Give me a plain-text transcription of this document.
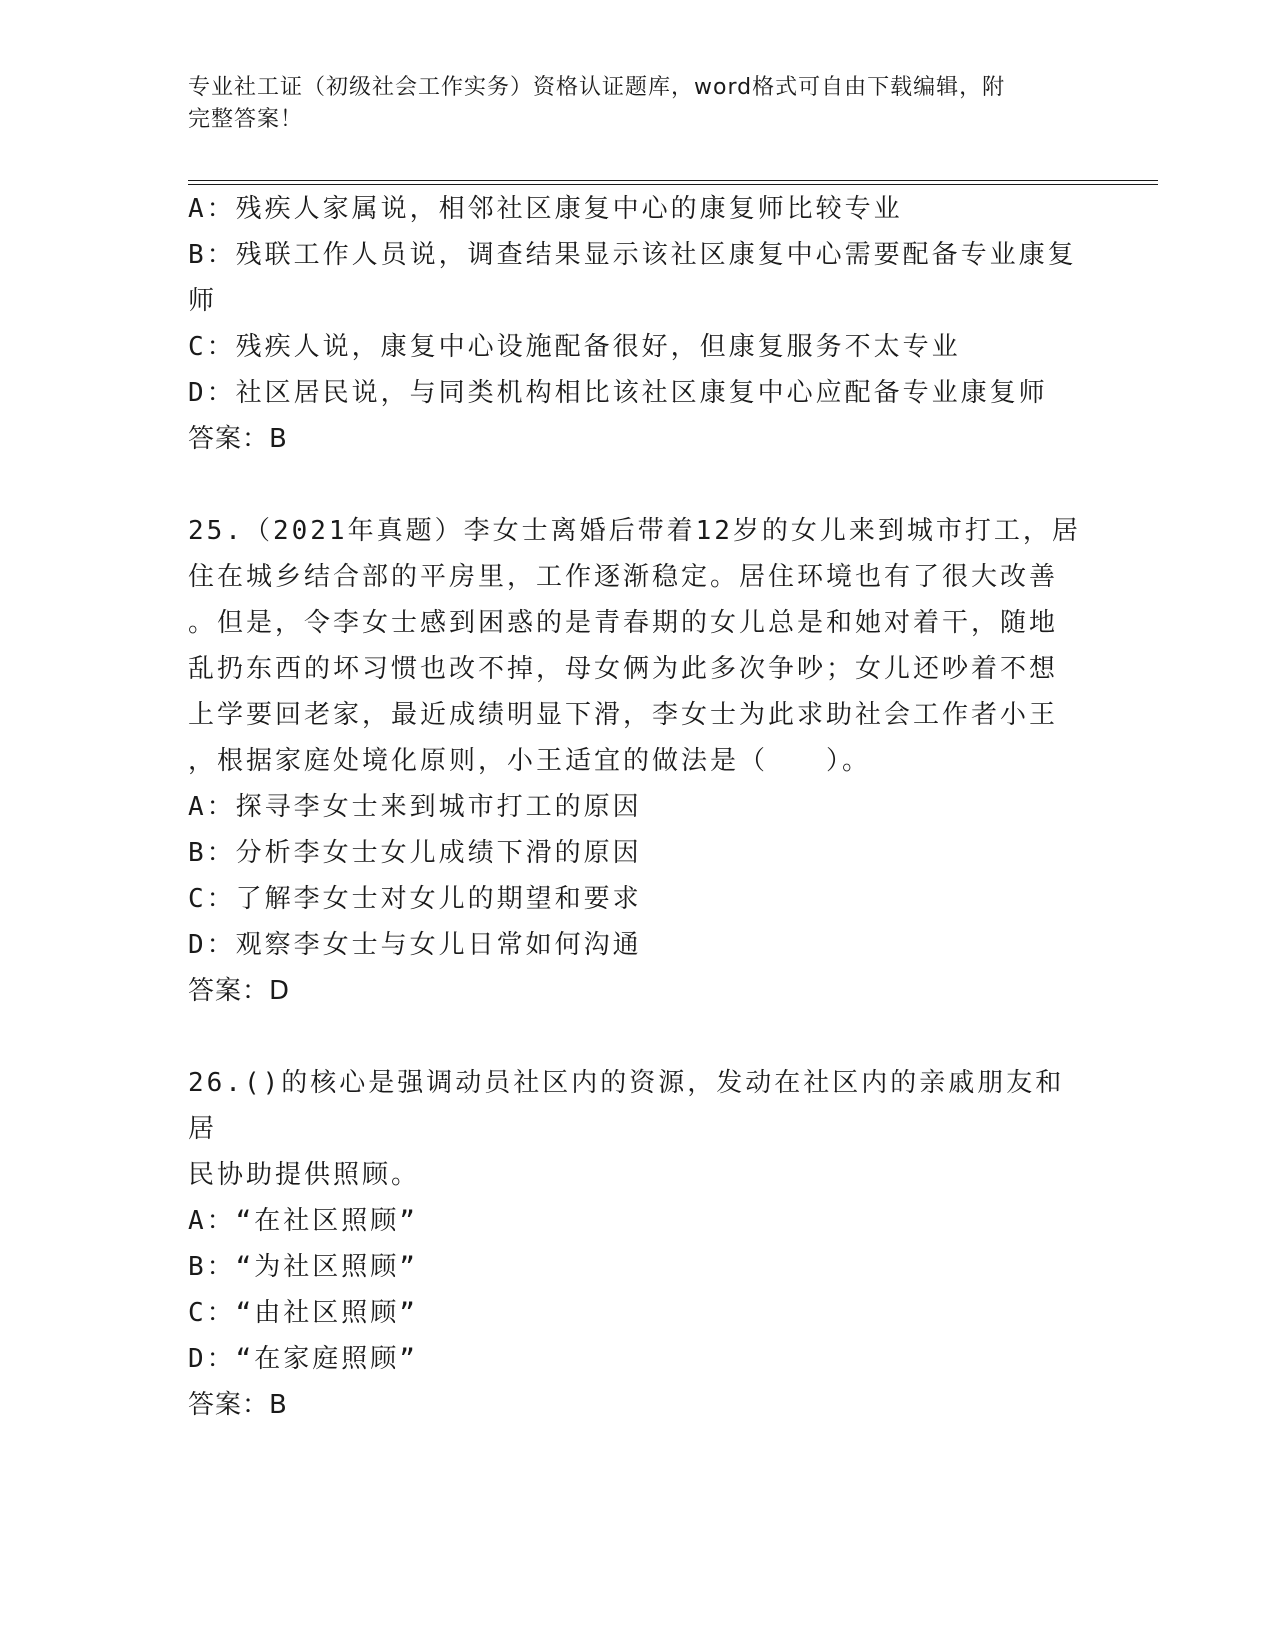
专业社工证（初级社会工作实务）资格认证题库，word格式可自由下载编辑，附
完整答案！
A：残疾人家属说，相邻社区康复中心的康复师比较专业
B：残联工作人员说，调查结果显示该社区康复中心需要配备专业康复
师
C：残疾人说，康复中心设施配备很好，但康复服务不太专业
D：社区居民说，与同类机构相比该社区康复中心应配备专业康复师
答案：B
25.（2021年真题）李女士离婚后带着12岁的女儿来到城市打工，居
住在城乡结合部的平房里，工作逐渐稳定。居住环境也有了很大改善
。但是，令李女士感到困惑的是青春期的女儿总是和她对着干，随地
乱扔东西的坏习惯也改不掉，母女俩为此多次争吵；女儿还吵着不想
上学要回老家，最近成绩明显下滑，李女士为此求助社会工作者小王
，根据家庭处境化原则，小王适宜的做法是（　　）。
A：探寻李女士来到城市打工的原因
B：分析李女士女儿成绩下滑的原因
C：了解李女士对女儿的期望和要求
D：观察李女士与女儿日常如何沟通
答案：D
26.()的核心是强调动员社区内的资源，发动在社区内的亲戚朋友和居
民协助提供照顾。
A：“在社区照顾”
B：“为社区照顾”
C：“由社区照顾”
D：“在家庭照顾”
答案：B
